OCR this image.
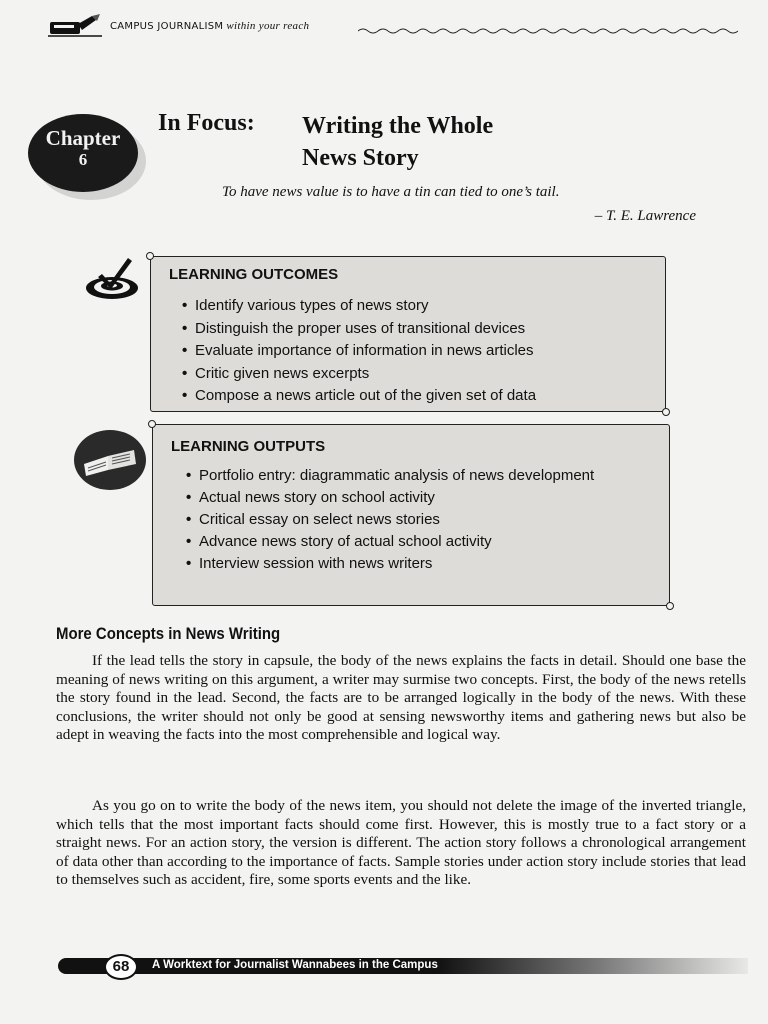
CAMPUS JOURNALISM within your reach
Chapter
6
In Focus: Writing the Whole
News Story
To have news value is to have a tin can tied to one’s tail.
– T. E. Lawrence
LEARNING OUTCOMES
• Identify various types of news story
• Distinguish the proper uses of transitional devices
• Evaluate importance of information in news articles
• Critic given news excerpts
• Compose a news article out of the given set of data
LEARNING OUTPUTS
• Portfolio entry: diagrammatic analysis of news development
• Actual news story on school activity
• Critical essay on select news stories
• Advance news story of actual school activity
• Interview session with news writers
More Concepts in News Writing

If the lead tells the story in capsule, the body of the news explains the facts in detail. Should one base the meaning of news writing on this argument, a writer may surmise two concepts. First, the body of the news retells the story found in the lead. Second, the facts are to be arranged logically in the body of the news. With these conclusions, the writer should not only be good at sensing newsworthy items and gathering news but also be adept in weaving the facts into the most comprehensible and logical way.

As you go on to write the body of the news item, you should not delete the image of the inverted triangle, which tells that the most important facts should come first. However, this is mostly true to a fact story or a straight news. For an action story, the version is different. The action story follows a chronological arrangement of data other than according to the importance of facts. Sample stories under action story include stories that lead to themselves such as accident, fire, some sports events and the like.

68	A Worktext for Journalist Wannabees in the Campus
